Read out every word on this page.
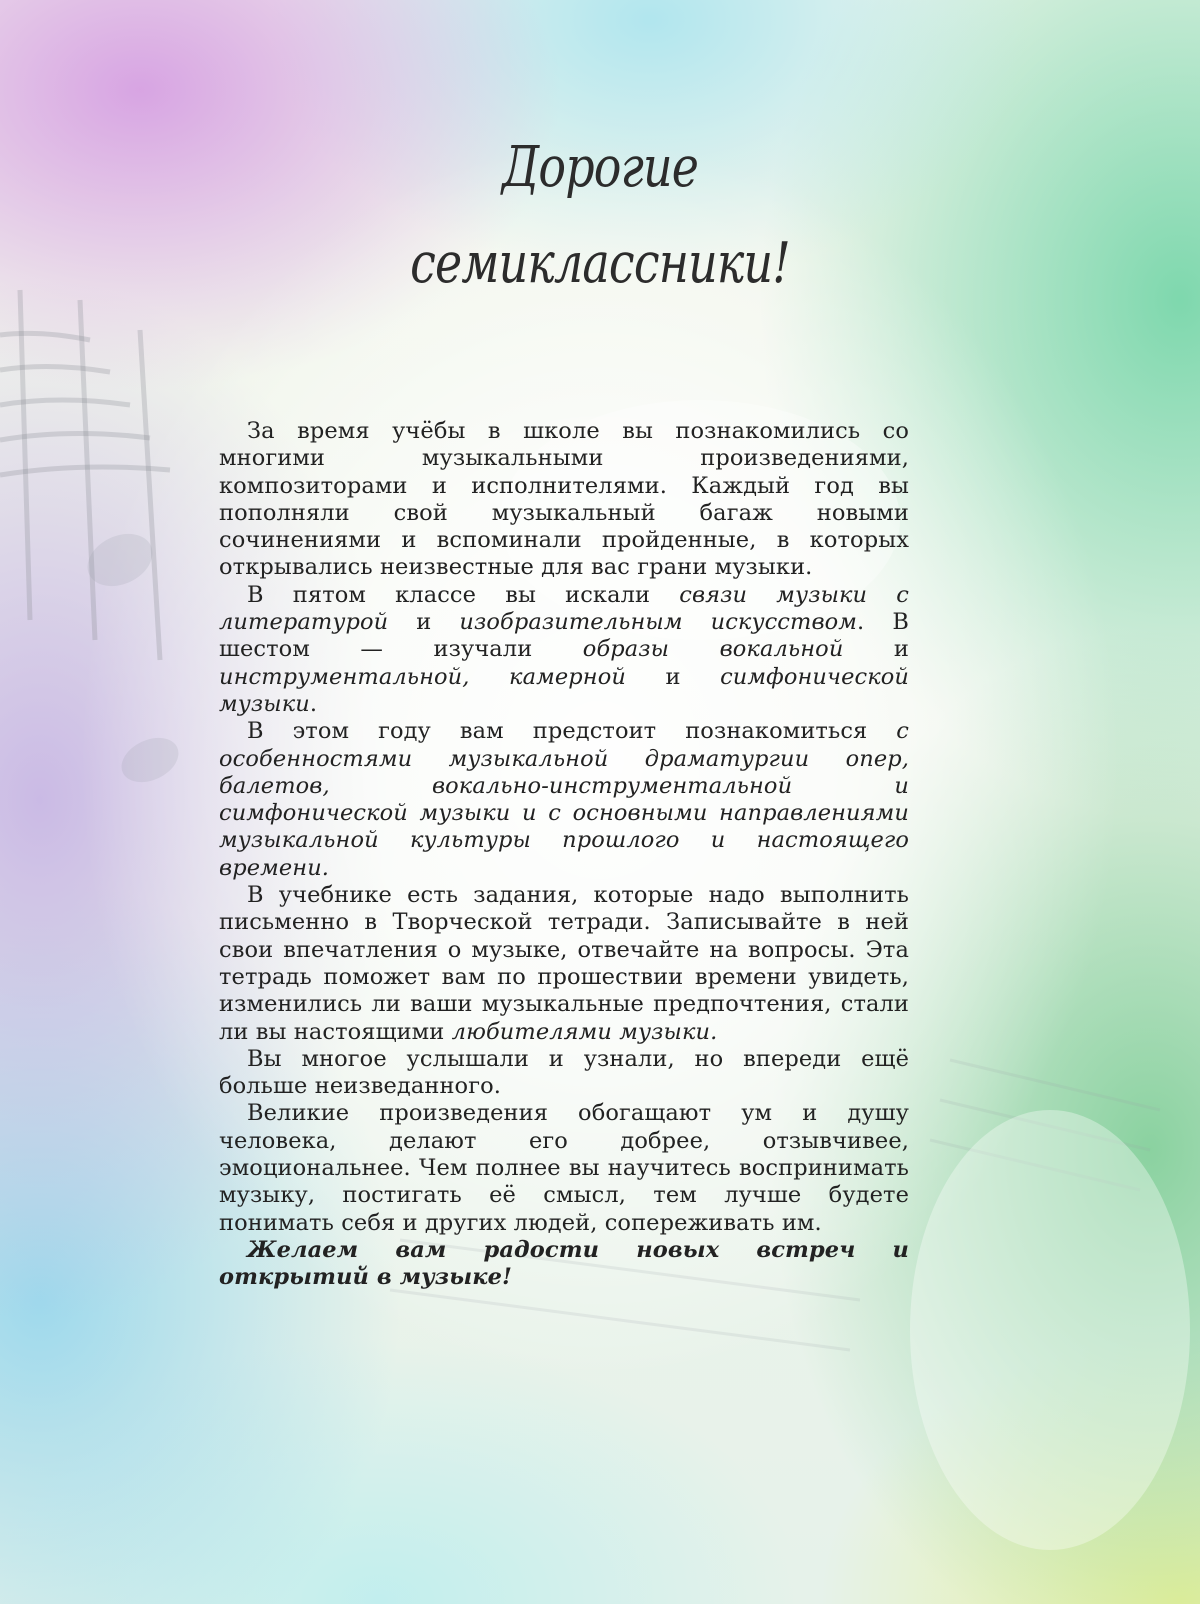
Дорогие
семиклассники!

За время учёбы в школе вы познакомились со многими музыкальными произведениями, композиторами и исполнителями. Каждый год вы пополняли свой музыкальный багаж новыми сочинениями и вспоминали пройденные, в которых открывались неизвестные для вас грани музыки.

В пятом классе вы искали связи музыки с литературой и изобразительным искусством. В шестом — изучали образы вокальной и инструментальной, камерной и симфонической музыки.

В этом году вам предстоит познакомиться с особенностями музыкальной драматургии опер, балетов, вокально-инструментальной и симфонической музыки и с основными направлениями музыкальной культуры прошлого и настоящего времени.

В учебнике есть задания, которые надо выполнить письменно в Творческой тетради. Записывайте в ней свои впечатления о музыке, отвечайте на вопросы. Эта тетрадь поможет вам по прошествии времени увидеть, изменились ли ваши музыкальные предпочтения, стали ли вы настоящими любителями музыки.

Вы многое услышали и узнали, но впереди ещё больше неизведанного.

Великие произведения обогащают ум и душу человека, делают его добрее, отзывчивее, эмоциональнее. Чем полнее вы научитесь воспринимать музыку, постигать её смысл, тем лучше будете понимать себя и других людей, сопереживать им.

Желаем вам радости новых встреч и открытий в музыке!
